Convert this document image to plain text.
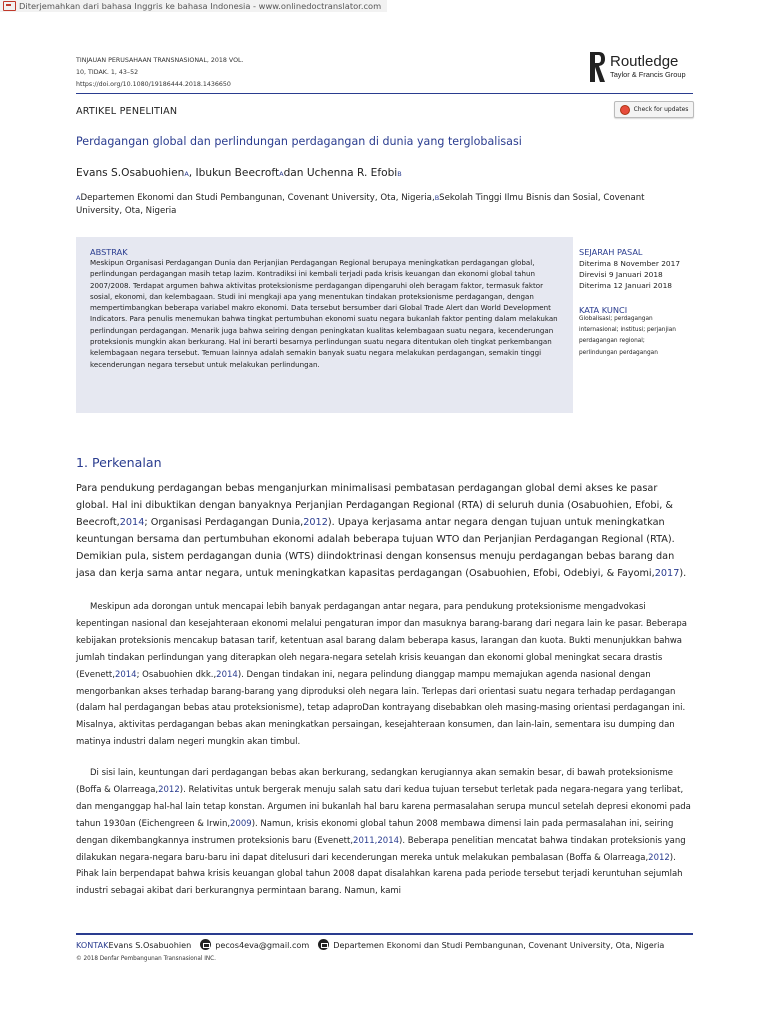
Diterjemahkan dari bahasa Inggris ke bahasa Indonesia - www.onlinedoctranslator.com
TINJAUAN PERUSAHAAN TRANSNASIONAL, 2018 VOL.
10, TIDAK. 1, 43–52
https://doi.org/10.1080/19186444.2018.1436650
Routledge
Taylor & Francis Group
ARTIKEL PENELITIAN	Check for updates
Perdagangan global dan perlindungan perdagangan di dunia yang terglobalisasi
Evans S.OsabuohienA, Ibukun BeecroftAdan Uchenna R. EfobiB
ADepartemen Ekonomi dan Studi Pembangunan, Covenant University, Ota, Nigeria,BSekolah Tinggi Ilmu Bisnis dan Sosial, Covenant University, Ota, Nigeria
ABSTRAK
Meskipun Organisasi Perdagangan Dunia dan Perjanjian Perdagangan Regional berupaya meningkatkan perdagangan global, perlindungan perdagangan masih tetap lazim. Kontradiksi ini kembali terjadi pada krisis keuangan dan ekonomi global tahun 2007/2008. Terdapat argumen bahwa aktivitas proteksionisme perdagangan dipengaruhi oleh beragam faktor, termasuk faktor sosial, ekonomi, dan kelembagaan. Studi ini mengkaji apa yang menentukan tindakan proteksionisme perdagangan, dengan mempertimbangkan beberapa variabel makro ekonomi. Data tersebut bersumber dari Global Trade Alert dan World Development Indicators. Para penulis menemukan bahwa tingkat pertumbuhan ekonomi suatu negara bukanlah faktor penting dalam melakukan perlindungan perdagangan. Menarik juga bahwa seiring dengan peningkatan kualitas kelembagaan suatu negara, kecenderungan proteksionis mungkin akan berkurang. Hal ini berarti besarnya perlindungan suatu negara ditentukan oleh tingkat perkembangan kelembagaan negara tersebut. Temuan lainnya adalah semakin banyak suatu negara melakukan perdagangan, semakin tinggi kecenderungan negara tersebut untuk melakukan perlindungan.
SEJARAH PASAL
Diterima 8 November 2017
Direvisi 9 Januari 2018
Diterima 12 Januari 2018
KATA KUNCI
Globalisasi; perdagangan
internasional; institusi; perjanjian
perdagangan regional;
perlindungan perdagangan
1. Perkenalan
Para pendukung perdagangan bebas menganjurkan minimalisasi pembatasan perdagangan global demi akses ke pasar global. Hal ini dibuktikan dengan banyaknya Perjanjian Perdagangan Regional (RTA) di seluruh dunia (Osabuohien, Efobi, & Beecroft,2014; Organisasi Perdagangan Dunia,2012). Upaya kerjasama antar negara dengan tujuan untuk meningkatkan keuntungan bersama dan pertumbuhan ekonomi adalah beberapa tujuan WTO dan Perjanjian Perdagangan Regional (RTA). Demikian pula, sistem perdagangan dunia (WTS) diindoktrinasi dengan konsensus menuju perdagangan bebas barang dan jasa dan kerja sama antar negara, untuk meningkatkan kapasitas perdagangan (Osabuohien, Efobi, Odebiyi, & Fayomi,2017).
Meskipun ada dorongan untuk mencapai lebih banyak perdagangan antar negara, para pendukung proteksionisme mengadvokasi kepentingan nasional dan kesejahteraan ekonomi melalui pengaturan impor dan masuknya barang-barang dari negara lain ke pasar. Beberapa kebijakan proteksionis mencakup batasan tarif, ketentuan asal barang dalam beberapa kasus, larangan dan kuota. Bukti menunjukkan bahwa jumlah tindakan perlindungan yang diterapkan oleh negara-negara setelah krisis keuangan dan ekonomi global meningkat secara drastis (Evenett,2014; Osabuohien dkk.,2014). Dengan tindakan ini, negara pelindung dianggap mampu memajukan agenda nasional dengan mengorbankan akses terhadap barang-barang yang diproduksi oleh negara lain. Terlepas dari orientasi suatu negara terhadap perdagangan (dalam hal perdagangan bebas atau proteksionisme), tetap adaproDan kontrayang disebabkan oleh masing-masing orientasi perdagangan ini. Misalnya, aktivitas perdagangan bebas akan meningkatkan persaingan, kesejahteraan konsumen, dan lain-lain, sementara isu dumping dan matinya industri dalam negeri mungkin akan timbul.
Di sisi lain, keuntungan dari perdagangan bebas akan berkurang, sedangkan kerugiannya akan semakin besar, di bawah proteksionisme (Boffa & Olarreaga,2012). Relativitas untuk bergerak menuju salah satu dari kedua tujuan tersebut terletak pada negara-negara yang terlibat, dan menganggap hal-hal lain tetap konstan. Argumen ini bukanlah hal baru karena permasalahan serupa muncul setelah depresi ekonomi pada tahun 1930an (Eichengreen & Irwin,2009). Namun, krisis ekonomi global tahun 2008 membawa dimensi lain pada permasalahan ini, seiring dengan dikembangkannya instrumen proteksionis baru (Evenett,2011,2014). Beberapa penelitian mencatat bahwa tindakan proteksionis yang dilakukan negara-negara baru-baru ini dapat ditelusuri dari kecenderungan mereka untuk melakukan pembalasan (Boffa & Olarreaga,2012). Pihak lain berpendapat bahwa krisis keuangan global tahun 2008 dapat disalahkan karena pada periode tersebut terjadi keruntuhan sejumlah industri sebagai akibat dari berkurangnya permintaan barang. Namun, kami
KONTAK Evans S.Osabuohien	pecos4eva@gmail.com	Departemen Ekonomi dan Studi Pembangunan, Covenant University, Ota, Nigeria
© 2018 Denfar Pembangunan Transnasional INC.
